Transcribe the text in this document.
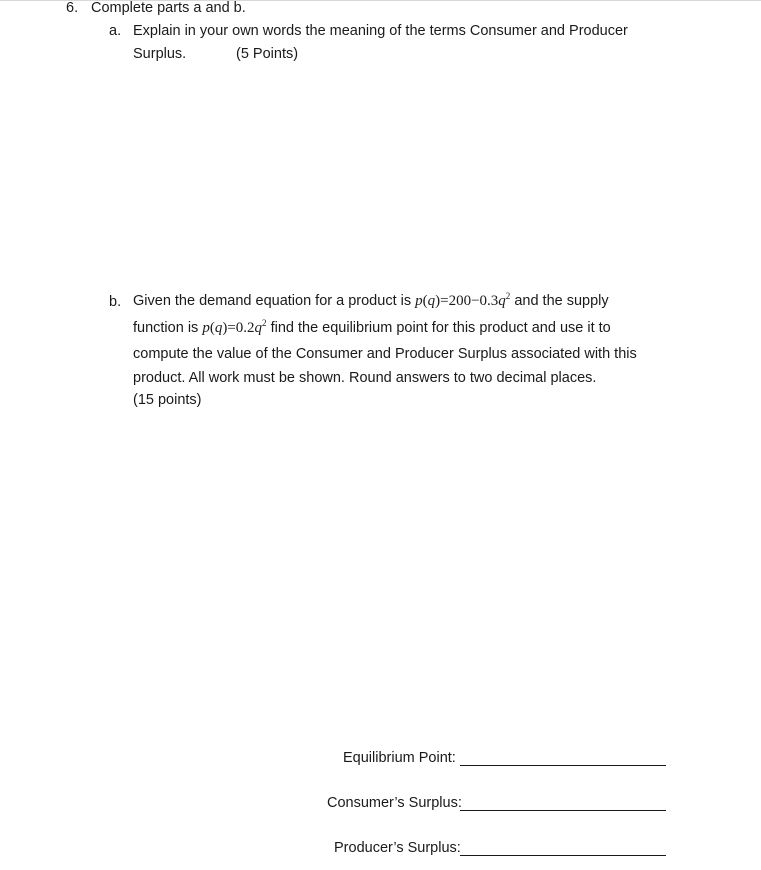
6. Complete parts a and b.
a. Explain in your own words the meaning of the terms Consumer and Producer
Surplus.	(5 Points)
b. Given the demand equation for a product is $p(q)=200-0.3q^2$ and the supply
function is $p(q)=0.2q^2$ find the equilibrium point for this product and use it to
compute the value of the Consumer and Producer Surplus associated with this
product. All work must be shown. Round answers to two decimal places.
(15 points)
Equilibrium Point:
Consumer’s Surplus:
Producer’s Surplus:
